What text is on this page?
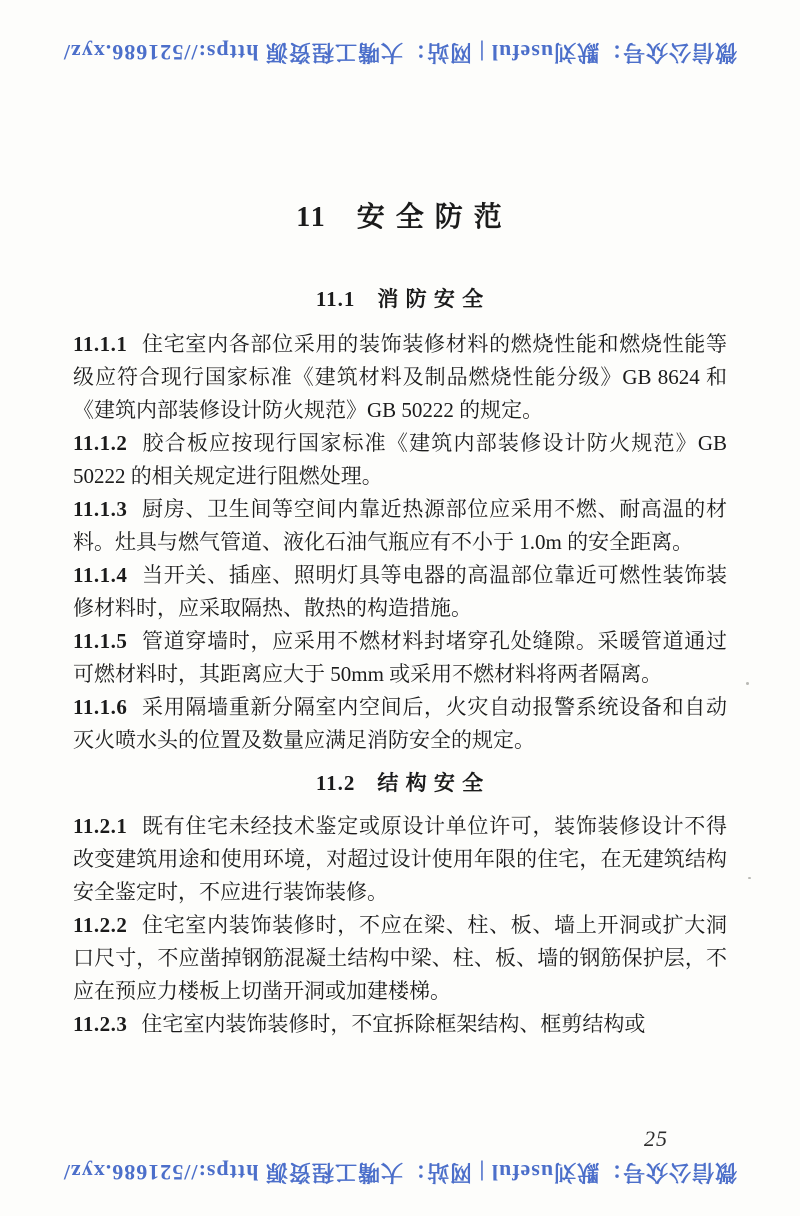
微信公众号：默刘useful | 网站：大嘴工程资源 https://521686.xyz/
11　安 全 防 范
11.1　消 防 安 全

11.1.1 住宅室内各部位采用的装饰装修材料的燃烧性能和燃烧性能等级应符合现行国家标准《建筑材料及制品燃烧性能分级》GB 8624 和《建筑内部装修设计防火规范》GB 50222 的规定。

11.1.2 胶合板应按现行国家标准《建筑内部装修设计防火规范》GB 50222 的相关规定进行阻燃处理。

11.1.3 厨房、卫生间等空间内靠近热源部位应采用不燃、耐高温的材料。灶具与燃气管道、液化石油气瓶应有不小于 1.0m 的安全距离。

11.1.4 当开关、插座、照明灯具等电器的高温部位靠近可燃性装饰装修材料时，应采取隔热、散热的构造措施。

11.1.5 管道穿墙时，应采用不燃材料封堵穿孔处缝隙。采暖管道通过可燃材料时，其距离应大于 50mm 或采用不燃材料将两者隔离。

11.1.6 采用隔墙重新分隔室内空间后，火灾自动报警系统设备和自动灭火喷水头的位置及数量应满足消防安全的规定。

11.2　结 构 安 全

11.2.1 既有住宅未经技术鉴定或原设计单位许可，装饰装修设计不得改变建筑用途和使用环境，对超过设计使用年限的住宅，在无建筑结构安全鉴定时，不应进行装饰装修。

11.2.2 住宅室内装饰装修时，不应在梁、柱、板、墙上开洞或扩大洞口尺寸，不应凿掉钢筋混凝土结构中梁、柱、板、墙的钢筋保护层，不应在预应力楼板上切凿开洞或加建楼梯。

11.2.3 住宅室内装饰装修时，不宜拆除框架结构、框剪结构或

25
微信公众号：默刘useful | 网站：大嘴工程资源 https://521686.xyz/
